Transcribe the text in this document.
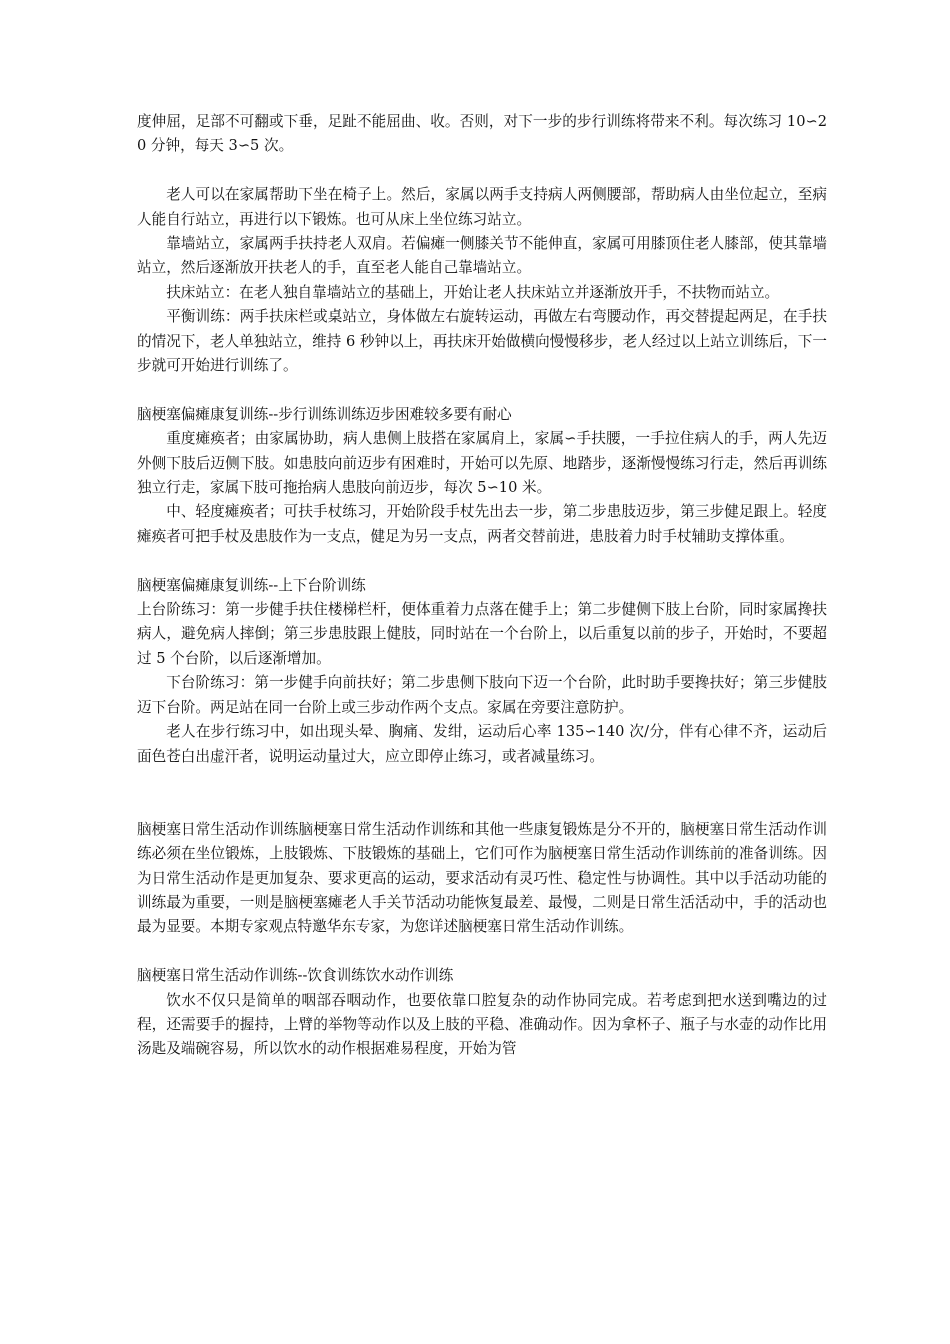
度伸屈，足部不可翻或下垂，足趾不能屈曲、收。否则，对下一步的步行训练将带来不利。每次练习 10∽20 分钟，每天 3∽5 次。

老人可以在家属帮助下坐在椅子上。然后，家属以两手支持病人两侧腰部，帮助病人由坐位起立，至病人能自行站立，再进行以下锻炼。也可从床上坐位练习站立。

靠墙站立，家属两手扶持老人双肩。若偏瘫一侧膝关节不能伸直，家属可用膝顶住老人膝部，使其靠墙站立，然后逐渐放开扶老人的手，直至老人能自己靠墙站立。

扶床站立：在老人独自靠墙站立的基础上，开始让老人扶床站立并逐渐放开手，不扶物而站立。

平衡训练：两手扶床栏或桌站立，身体做左右旋转运动，再做左右弯腰动作，再交替提起两足，在手扶的情况下，老人单独站立，维持 6 秒钟以上，再扶床开始做横向慢慢移步，老人经过以上站立训练后，下一步就可开始进行训练了。

脑梗塞偏瘫康复训练--步行训练训练迈步困难较多要有耐心

重度瘫痪者；由家属协助，病人患侧上肢搭在家属肩上，家属∽手扶腰，一手拉住病人的手，两人先迈外侧下肢后迈侧下肢。如患肢向前迈步有困难时，开始可以先原、地踏步，逐渐慢慢练习行走，然后再训练独立行走，家属下肢可拖抬病人患肢向前迈步，每次 5∽10 米。

中、轻度瘫痪者；可扶手杖练习，开始阶段手杖先出去一步，第二步患肢迈步，第三步健足跟上。轻度瘫痪者可把手杖及患肢作为一支点，健足为另一支点，两者交替前进，患肢着力时手杖辅助支撑体重。

脑梗塞偏瘫康复训练--上下台阶训练

上台阶练习：第一步健手扶住楼梯栏杆，便体重着力点落在健手上；第二步健侧下肢上台阶，同时家属搀扶病人，避免病人摔倒；第三步患肢跟上健肢，同时站在一个台阶上，以后重复以前的步子，开始时，不要超过 5 个台阶，以后逐渐增加。

下台阶练习：第一步健手向前扶好；第二步患侧下肢向下迈一个台阶，此时助手要搀扶好；第三步健肢迈下台阶。两足站在同一台阶上或三步动作两个支点。家属在旁要注意防护。

老人在步行练习中，如出现头晕、胸痛、发绀，运动后心率 135∽140 次/分，伴有心律不齐，运动后面色苍白出虚汗者，说明运动量过大，应立即停止练习，或者减量练习。

脑梗塞日常生活动作训练脑梗塞日常生活动作训练和其他一些康复锻炼是分不开的，脑梗塞日常生活动作训练必须在坐位锻炼，上肢锻炼、下肢锻炼的基础上，它们可作为脑梗塞日常生活动作训练前的准备训练。因为日常生活动作是更加复杂、要求更高的运动，要求活动有灵巧性、稳定性与协调性。其中以手活动功能的训练最为重要，一则是脑梗塞瘫老人手关节活动功能恢复最差、最慢，二则是日常生活活动中，手的活动也最为显要。本期专家观点特邀华东专家，为您详述脑梗塞日常生活动作训练。

脑梗塞日常生活动作训练--饮食训练饮水动作训练

饮水不仅只是简单的咽部吞咽动作，也要依靠口腔复杂的动作协同完成。若考虑到把水送到嘴边的过程，还需要手的握持，上臂的举物等动作以及上肢的平稳、准确动作。因为拿杯子、瓶子与水壶的动作比用汤匙及端碗容易，所以饮水的动作根据难易程度，开始为管
